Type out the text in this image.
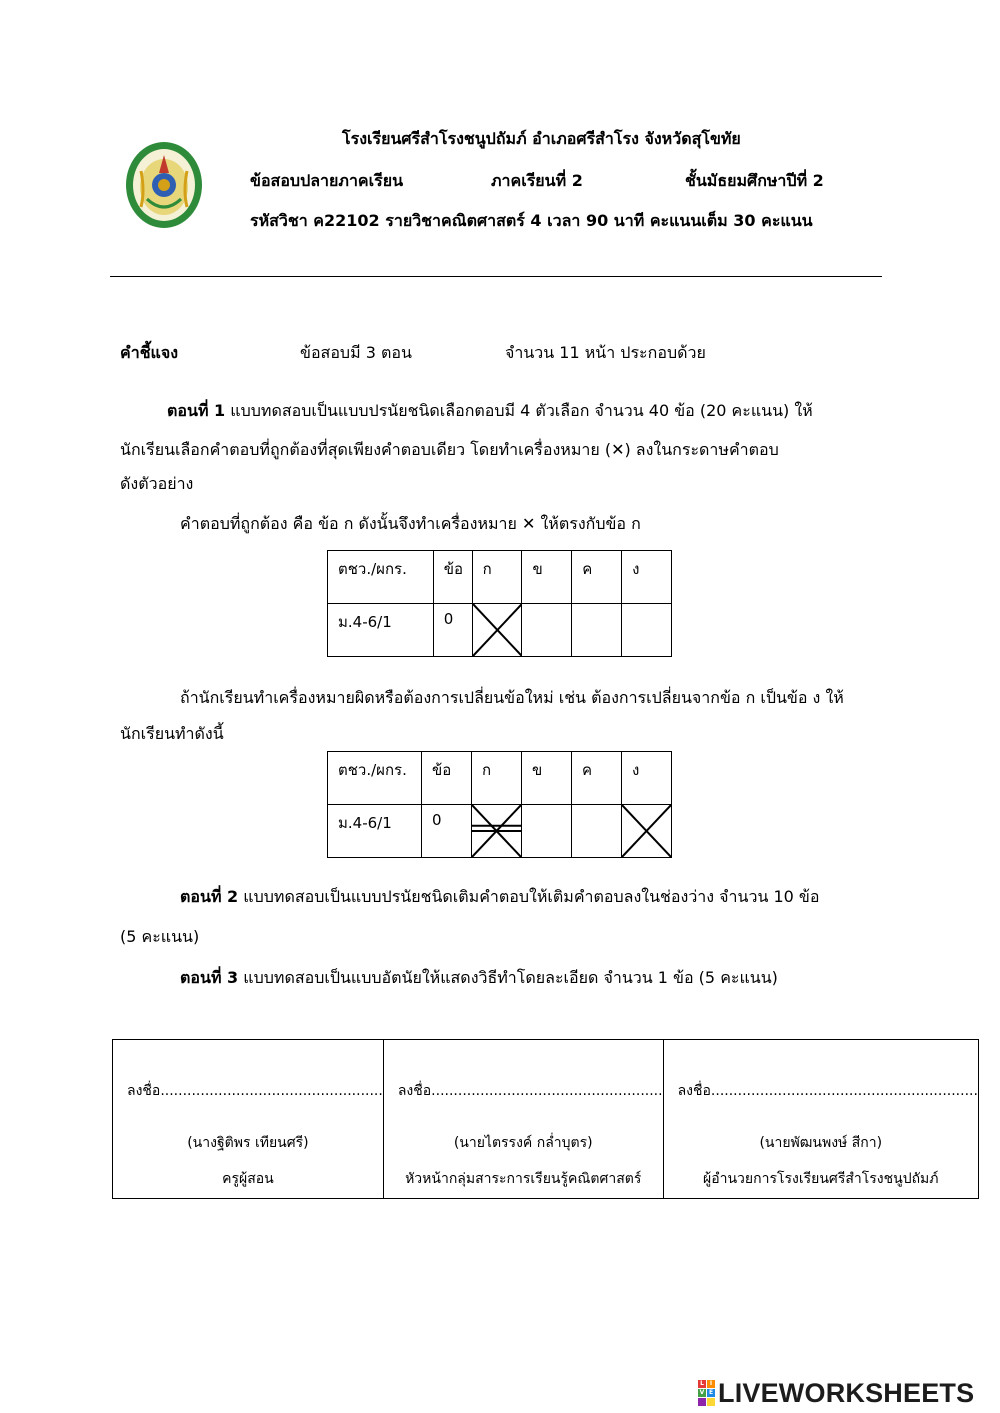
โรงเรียนศรีสำโรงชนูปถัมภ์ อำเภอศรีสำโรง จังหวัดสุโขทัย
ข้อสอบปลายภาคเรียน	ภาคเรียนที่ 2	ชั้นมัธยมศึกษาปีที่ 2
รหัสวิชา ค22102 รายวิชาคณิตศาสตร์ 4 เวลา 90 นาที คะแนนเต็ม 30 คะแนน
คำชี้แจง	ข้อสอบมี 3 ตอน	จำนวน 11 หน้า ประกอบด้วย
ตอนที่ 1 แบบทดสอบเป็นแบบปรนัยชนิดเลือกตอบมี 4 ตัวเลือก จำนวน 40 ข้อ (20 คะแนน) ให้
นักเรียนเลือกคำตอบที่ถูกต้องที่สุดเพียงคำตอบเดียว โดยทำเครื่องหมาย (✕) ลงในกระดาษคำตอบ
ดังตัวอย่าง
คำตอบที่ถูกต้อง คือ ข้อ ก ดังนั้นจึงทำเครื่องหมาย ✕ ให้ตรงกับข้อ ก
ตชว./ผกร.	ข้อ	ก	ข	ค	ง

ม.4-6/1	0

ถ้านักเรียนทำเครื่องหมายผิดหรือต้องการเปลี่ยนข้อใหม่ เช่น ต้องการเปลี่ยนจากข้อ ก เป็นข้อ ง ให้
นักเรียนทำดังนี้
ตชว./ผกร.	ข้อ	ก	ข	ค	ง

ม.4-6/1	0

ตอนที่ 2 แบบทดสอบเป็นแบบปรนัยชนิดเติมคำตอบให้เติมคำตอบลงในช่องว่าง จำนวน 10 ข้อ
(5 คะแนน)
ตอนที่ 3 แบบทดสอบเป็นแบบอัตนัยให้แสดงวิธีทำโดยละเอียด จำนวน 1 ข้อ (5 คะแนน)
ลงชื่อ..................................................
(นางฐิติพร เทียนศรี)
ครูผู้สอน

ลงชื่อ....................................................
(นายไตรรงค์ กล่ำบุตร)
หัวหน้ากลุ่มสาระการเรียนรู้คณิตศาสตร์

ลงชื่อ............................................................
(นายพัฒนพงษ์ สีกา)
ผู้อำนวยการโรงเรียนศรีสำโรงชนูปถัมภ์
L I
V E LIVEWORKSHEETS
